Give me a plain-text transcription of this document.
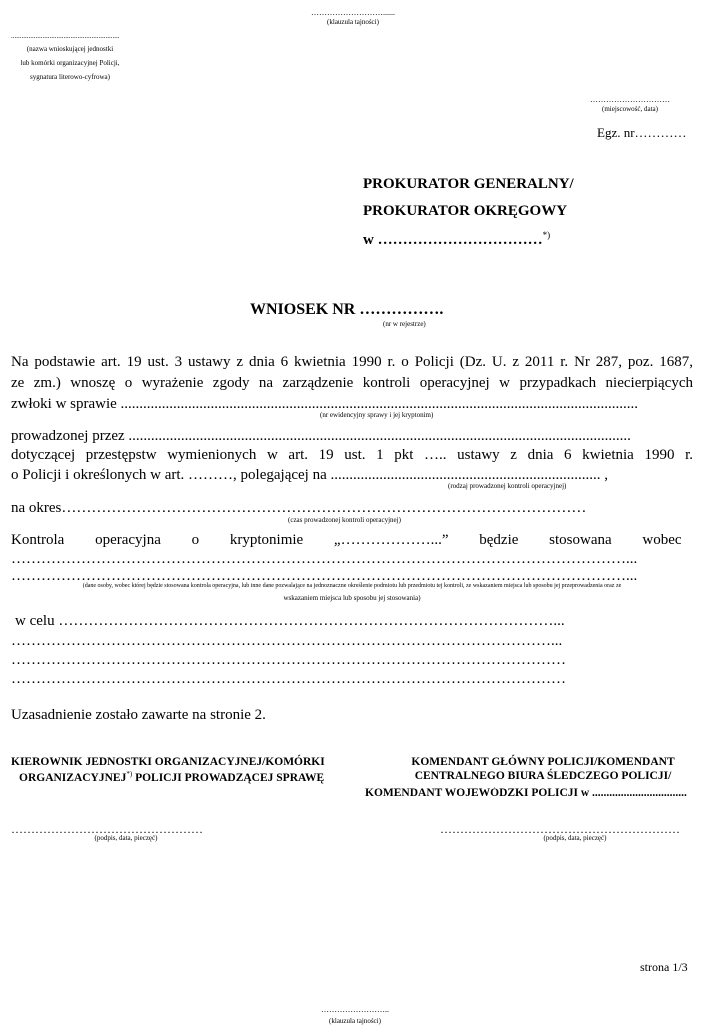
………………………......
(klauzula tajności)
..............................................................
(nazwa wnioskującej jednostki
lub komórki organizacyjnej Policji,
sygnatura literowo-cyfrowa)
…………………………
(miejscowość, data)
Egz. nr…………
PROKURATOR GENERALNY/
PROKURATOR OKRĘGOWY
w ……………………………*)
WNIOSEK NR …………….
(nr w rejestrze)
Na podstawie art. 19 ust. 3 ustawy z dnia 6 kwietnia 1990 r. o Policji (Dz. U. z 2011 r. Nr 287, poz. 1687,
ze zm.) wnoszę o wyrażenie zgody na zarządzenie kontroli operacyjnej w przypadkach niecierpiących
zwłoki w sprawie ..........................................................................................................................................
(nr ewidencyjny sprawy i jej kryptonim)
prowadzonej przez ......................................................................................................................................
dotyczącej przestępstw wymienionych w art. 19 ust. 1 pkt ….. ustawy z dnia 6 kwietnia 1990 r.
o Policji i określonych w art. ………, polegającej na ........................................................................ ,
(rodzaj prowadzonej kontroli operacyjnej)
na okres……………………………………………………………………………………………
(czas prowadzonej kontroli operacyjnej)
Kontrola operacyjna o kryptonimie „………………...” będzie stosowana wobec
……………………………………………………………………………………………………………...
……………………………………………………………………………………………………………...
(dane osoby, wobec której będzie stosowana kontrola operacyjna, lub inne dane pozwalające na jednoznaczne określenie podmiotu lub przedmiotu tej kontroli, ze wskazaniem miejsca lub sposobu jej przeprowadzenia oraz ze
wskazaniem miejsca lub sposobu jej stosowania)
w celu ………………………………………………………………………………………...
………………………………………………………………………………………………...
…………………………………………………………………………………………………
…………………………………………………………………………………………………
Uzasadnienie zostało zawarte na stronie 2.
KIEROWNIK JEDNOSTKI ORGANIZACYJNEJ/KOMÓRKI
ORGANIZACYJNEJ*) POLICJI PROWADZĄCEJ SPRAWĘ
…………………………………………
(podpis, data, pieczęć)
KOMENDANT GŁÓWNY POLICJI/KOMENDANT
CENTRALNEGO BIURA ŚLEDCZEGO POLICJI/
KOMENDANT WOJEWÓDZKI POLICJI w .................................
……………………………………………………
(podpis, data, pieczęć)
strona 1/3
……………………..
(klauzula tajności)
